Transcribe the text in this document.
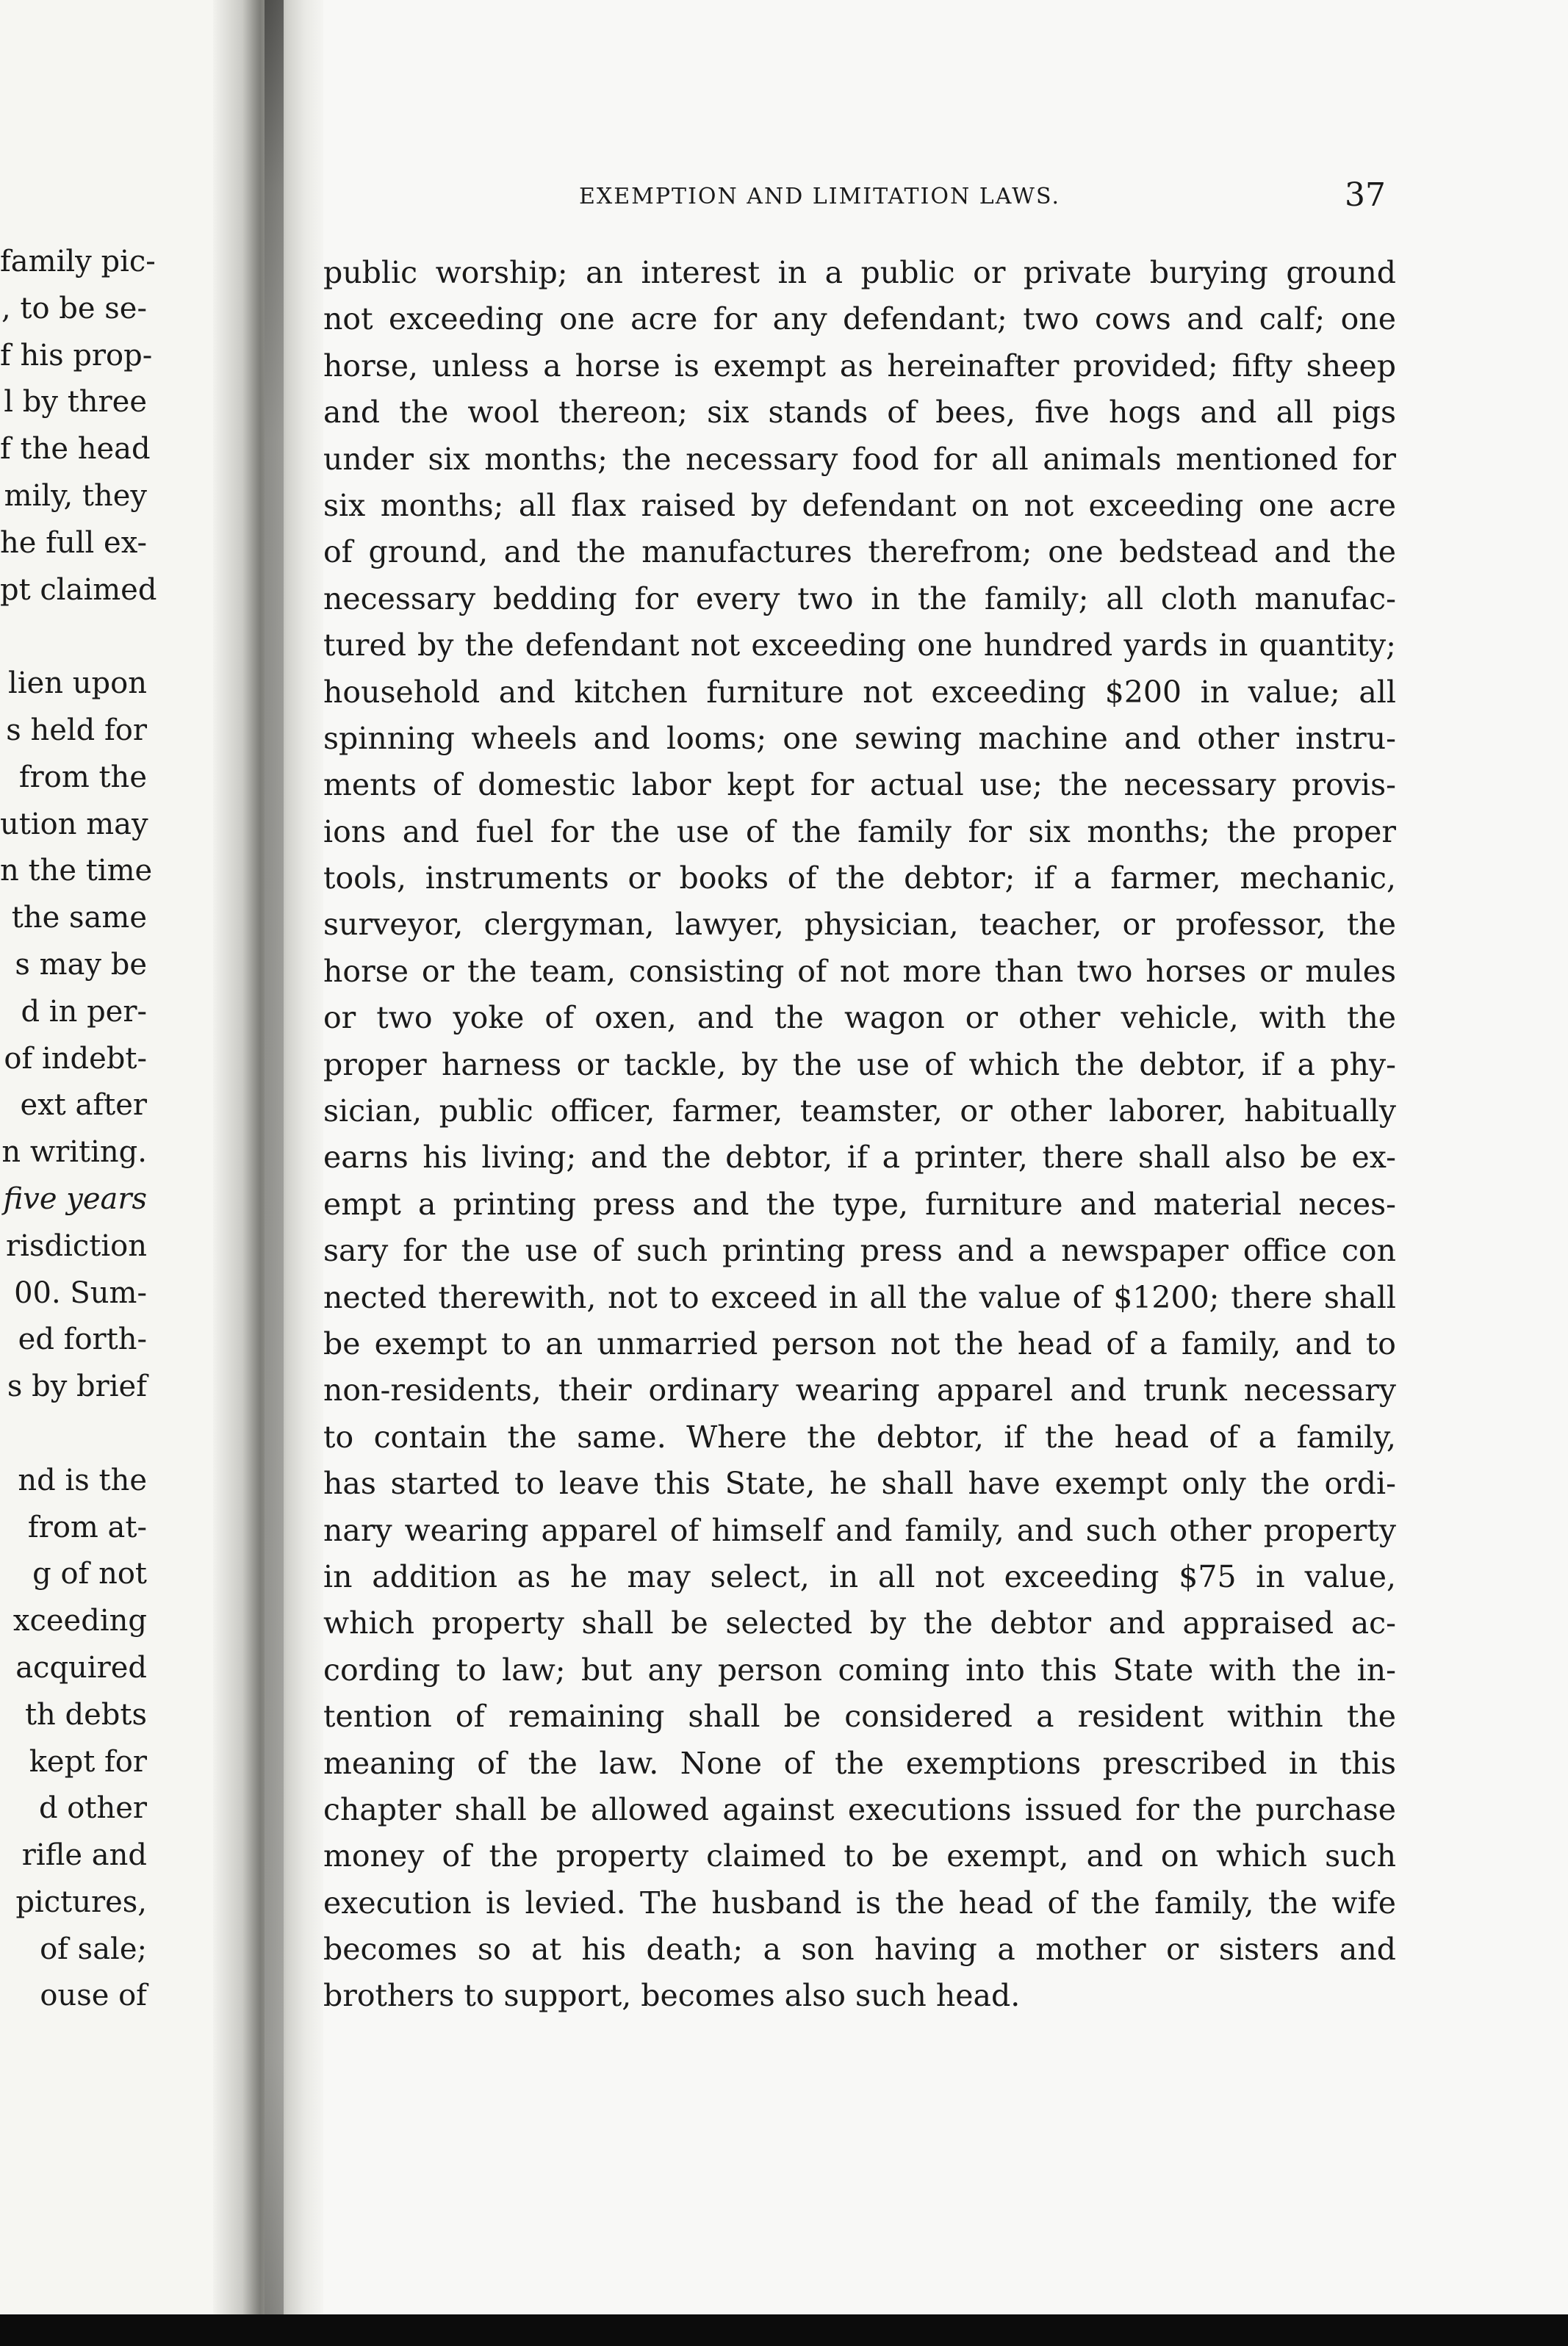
family pic-
, to be se-
f his prop-
l by three
f the head
mily, they
he full ex-
pt claimed
lien upon
s held for
from the
ution may
n the time
the same
s may be
d in per-
of indebt-
ext after
n writing.
five years
risdiction
00. Sum-
ed forth-
s by brief
nd is the
from at-
g of not
xceeding
acquired
th debts
kept for
d other
rifle and
pictures,
of sale;
ouse of
EXEMPTION AND LIMITATION LAWS.	37
public worship; an interest in a public or private burying ground
not exceeding one acre for any defendant; two cows and calf; one
horse, unless a horse is exempt as hereinafter provided; fifty sheep
and the wool thereon; six stands of bees, five hogs and all pigs
under six months; the necessary food for all animals mentioned for
six months; all flax raised by defendant on not exceeding one acre
of ground, and the manufactures therefrom; one bedstead and the
necessary bedding for every two in the family; all cloth manufac-
tured by the defendant not exceeding one hundred yards in quantity;
household and kitchen furniture not exceeding $200 in value; all
spinning wheels and looms; one sewing machine and other instru-
ments of domestic labor kept for actual use; the necessary provis-
ions and fuel for the use of the family for six months; the proper
tools, instruments or books of the debtor; if a farmer, mechanic,
surveyor, clergyman, lawyer, physician, teacher, or professor, the
horse or the team, consisting of not more than two horses or mules
or two yoke of oxen, and the wagon or other vehicle, with the
proper harness or tackle, by the use of which the debtor, if a phy-
sician, public officer, farmer, teamster, or other laborer, habitually
earns his living; and the debtor, if a printer, there shall also be ex-
empt a printing press and the type, furniture and material neces-
sary for the use of such printing press and a newspaper office con
nected therewith, not to exceed in all the value of $1200; there shall
be exempt to an unmarried person not the head of a family, and to
non-residents, their ordinary wearing apparel and trunk necessary
to contain the same. Where the debtor, if the head of a family,
has started to leave this State, he shall have exempt only the ordi-
nary wearing apparel of himself and family, and such other property
in addition as he may select, in all not exceeding $75 in value,
which property shall be selected by the debtor and appraised ac-
cording to law; but any person coming into this State with the in-
tention of remaining shall be considered a resident within the
meaning of the law. None of the exemptions prescribed in this
chapter shall be allowed against executions issued for the purchase
money of the property claimed to be exempt, and on which such
execution is levied. The husband is the head of the family, the wife
becomes so at his death; a son having a mother or sisters and
brothers to support, becomes also such head.
